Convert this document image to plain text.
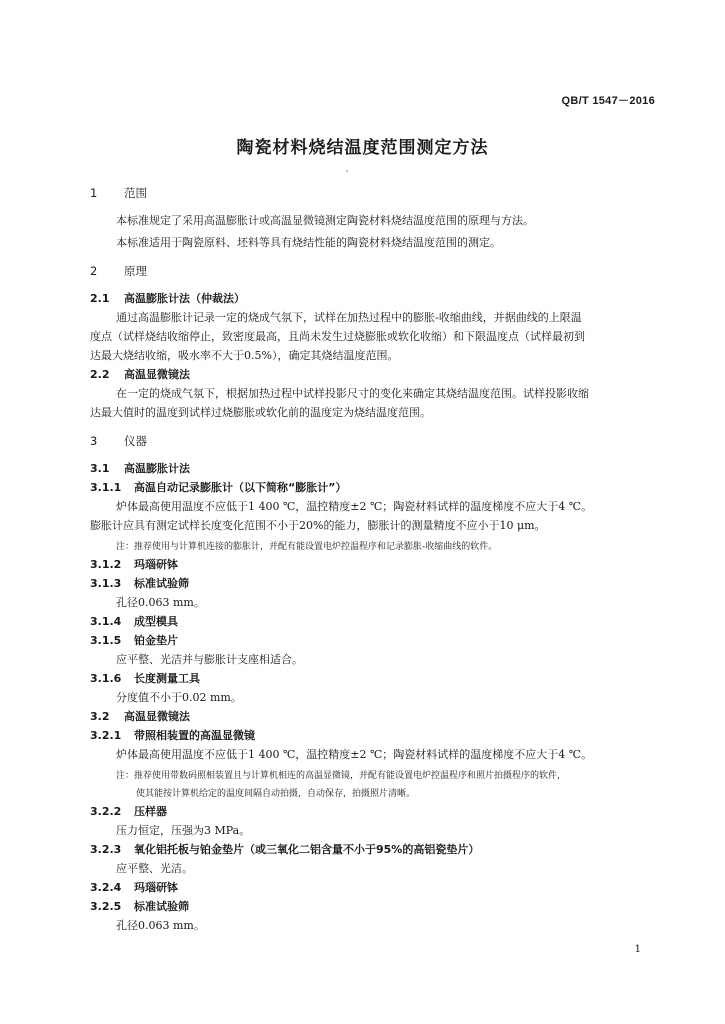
QB/T 1547－2016
陶瓷材料烧结温度范围测定方法
1 范围
本标准规定了采用高温膨胀计或高温显微镜测定陶瓷材料烧结温度范围的原理与方法。
本标准适用于陶瓷原料、坯料等具有烧结性能的陶瓷材料烧结温度范围的测定。
2 原理
2.1 高温膨胀计法（仲裁法）
通过高温膨胀计记录一定的烧成气氛下，试样在加热过程中的膨胀-收缩曲线，并据曲线的上限温
度点（试样烧结收缩停止，致密度最高，且尚未发生过烧膨胀或软化收缩）和下限温度点（试样最初到
达最大烧结收缩，吸水率不大于0.5%），确定其烧结温度范围。
2.2 高温显微镜法
在一定的烧成气氛下，根据加热过程中试样投影尺寸的变化来确定其烧结温度范围。试样投影收缩
达最大值时的温度到试样过烧膨胀或软化前的温度定为烧结温度范围。
3 仪器
3.1 高温膨胀计法
3.1.1 高温自动记录膨胀计（以下简称“膨胀计”）
炉体最高使用温度不应低于1 400 ℃，温控精度±2 ℃；陶瓷材料试样的温度梯度不应大于4 ℃。
膨胀计应具有测定试样长度变化范围不小于20%的能力，膨胀计的测量精度不应小于10 μm。
注：推荐使用与计算机连接的膨胀计，并配有能设置电炉控温程序和记录膨胀-收缩曲线的软件。
3.1.2 玛瑙研钵
3.1.3 标准试验筛
孔径0.063 mm。
3.1.4 成型模具
3.1.5 铂金垫片
应平整、光洁并与膨胀计支座相适合。
3.1.6 长度测量工具
分度值不小于0.02 mm。
3.2 高温显微镜法
3.2.1 带照相装置的高温显微镜
炉体最高使用温度不应低于1 400 ℃，温控精度±2 ℃；陶瓷材料试样的温度梯度不应大于4 ℃。
注：推荐使用带数码照相装置且与计算机相连的高温显微镜，并配有能设置电炉控温程序和照片拍摄程序的软件，
使其能按计算机给定的温度间隔自动拍摄，自动保存，拍摄照片清晰。
3.2.2 压样器
压力恒定，压强为3 MPa。
3.2.3 氧化铝托板与铂金垫片（或三氧化二铝含量不小于95%的高铝瓷垫片）
应平整、光洁。
3.2.4 玛瑙研钵
3.2.5 标准试验筛
孔径0.063 mm。
1
